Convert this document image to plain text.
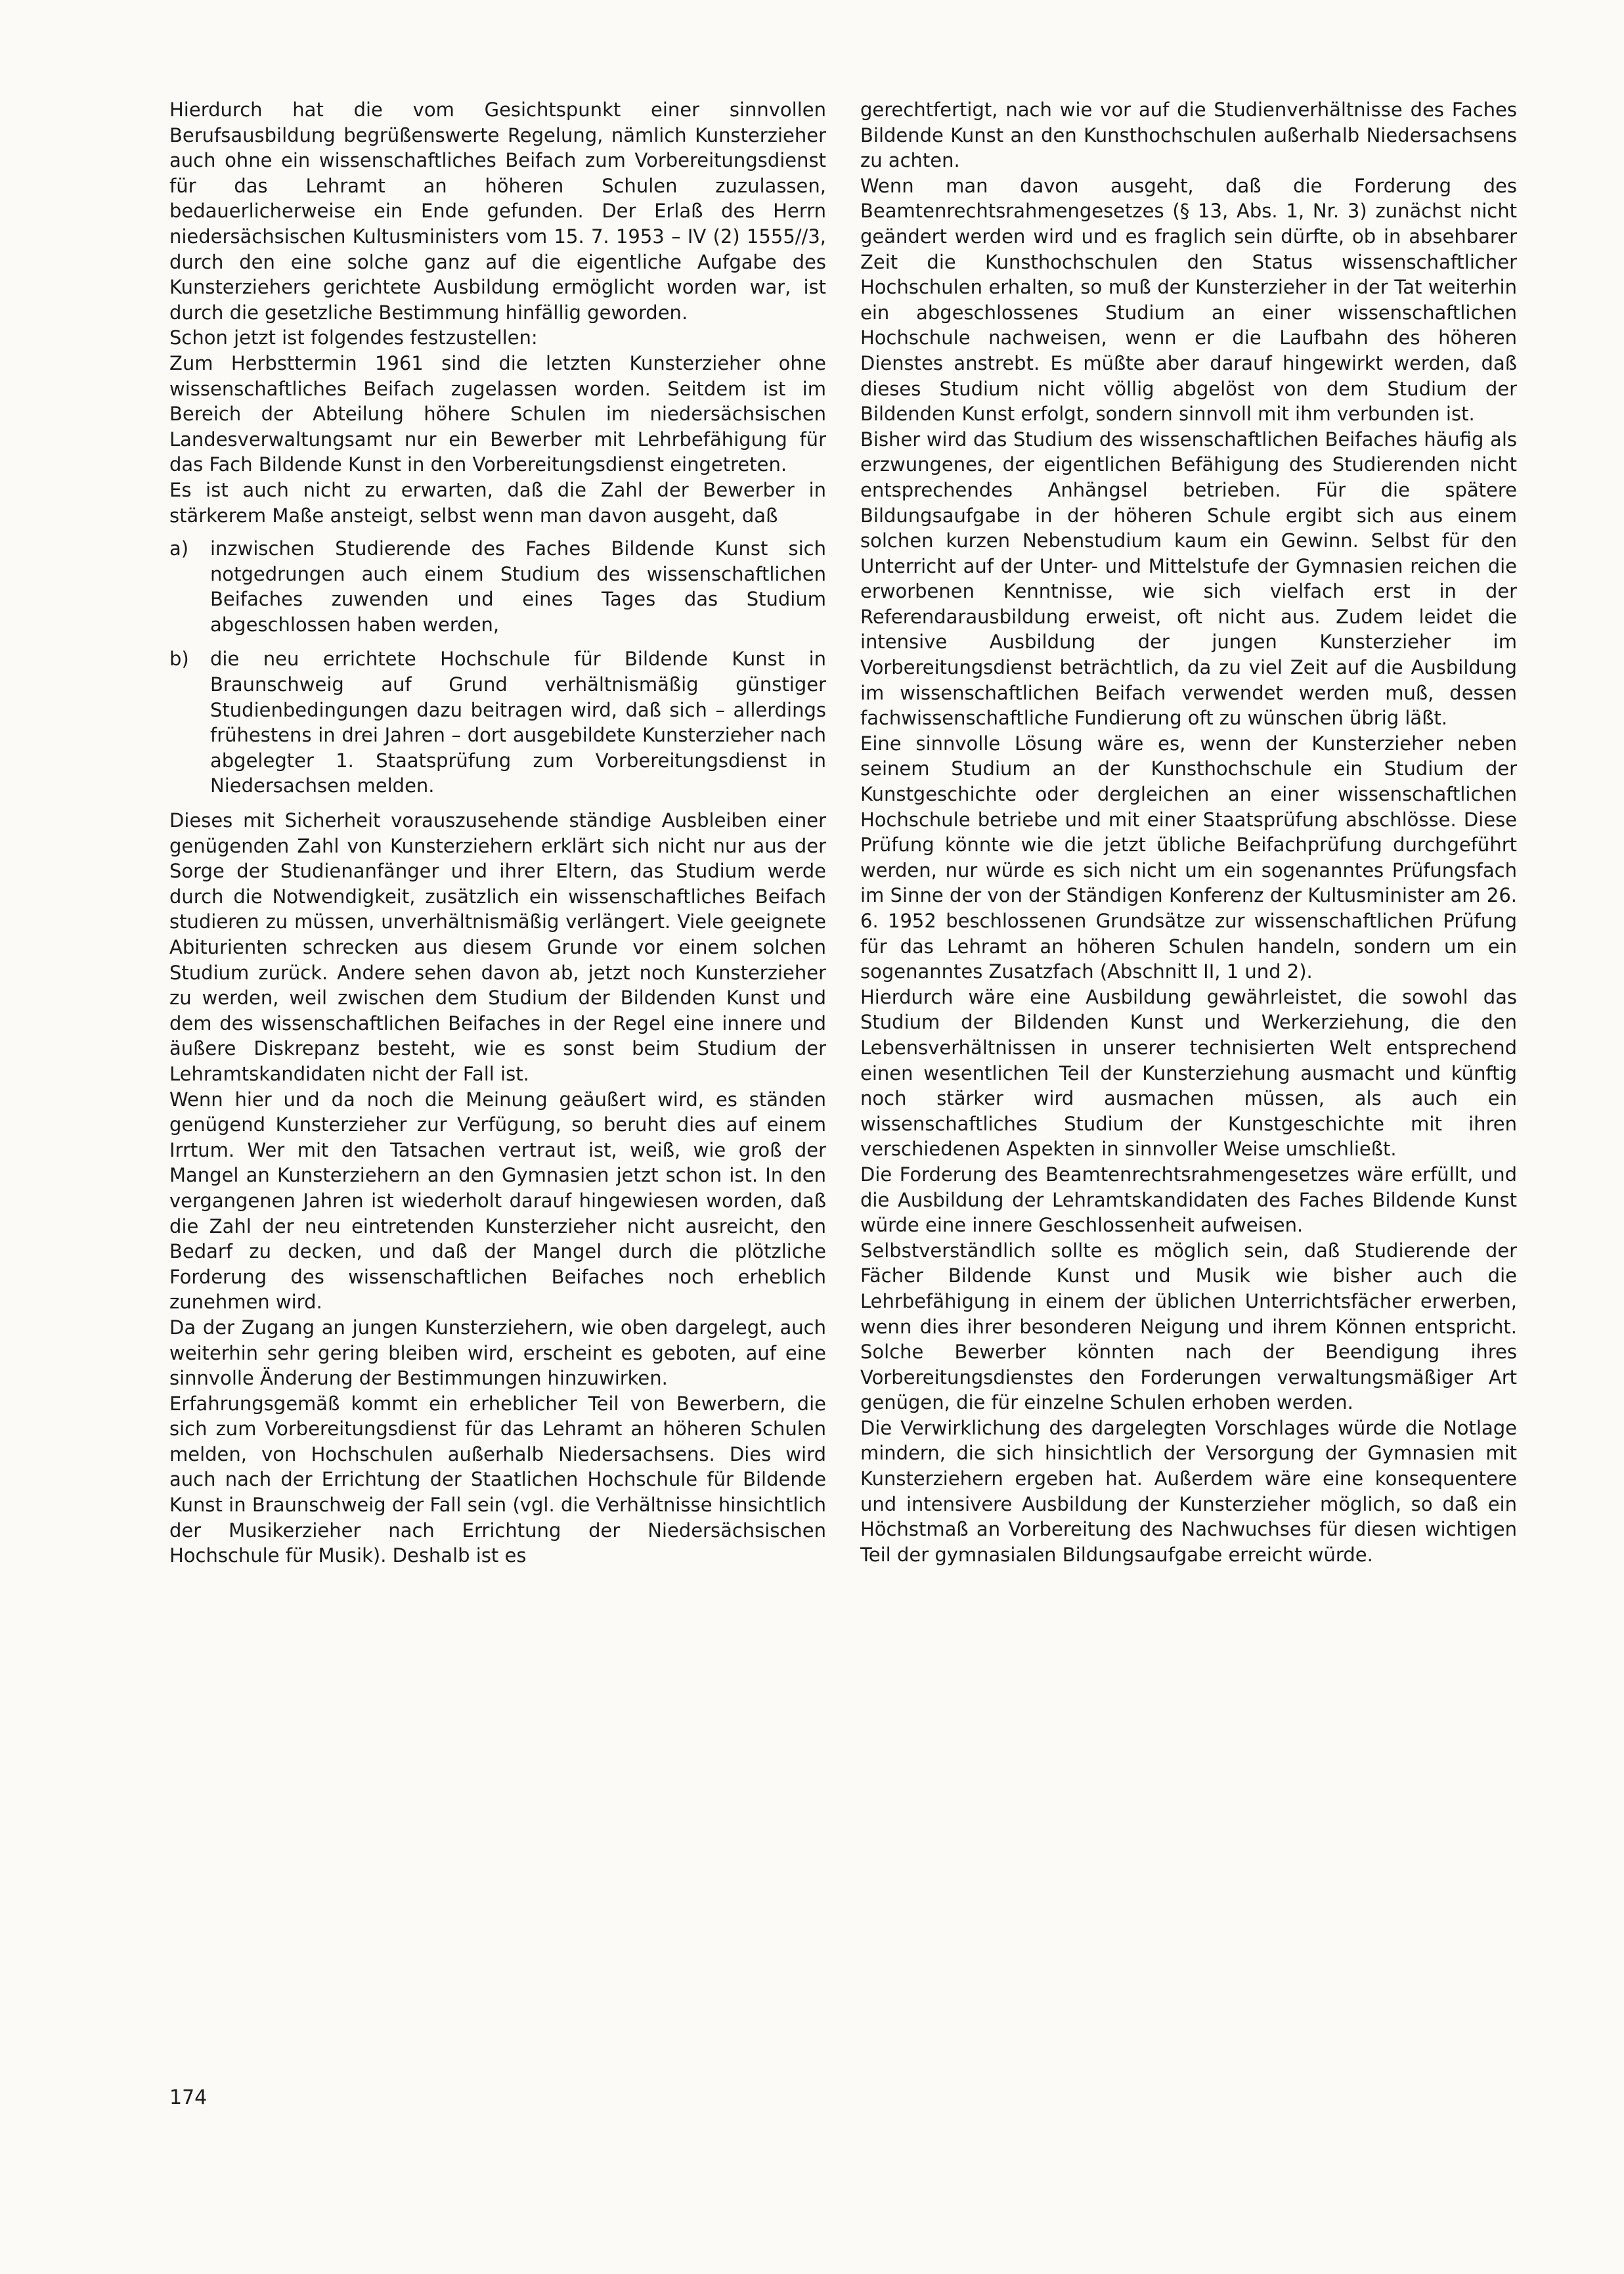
Hierdurch hat die vom Gesichtspunkt einer sinnvollen Berufsausbildung begrüßenswerte Regelung, nämlich Kunsterzieher auch ohne ein wissenschaftliches Beifach zum Vorbereitungsdienst für das Lehramt an höheren Schulen zuzulassen, bedauerlicherweise ein Ende gefunden. Der Erlaß des Herrn niedersächsischen Kultusministers vom 15. 7. 1953 – IV (2) 1555//3, durch den eine solche ganz auf die eigentliche Aufgabe des Kunsterziehers gerichtete Ausbildung ermöglicht worden war, ist durch die gesetzliche Bestimmung hinfällig geworden.

Schon jetzt ist folgendes festzustellen:

Zum Herbsttermin 1961 sind die letzten Kunsterzieher ohne wissenschaftliches Beifach zugelassen worden. Seitdem ist im Bereich der Abteilung höhere Schulen im niedersächsischen Landesverwaltungsamt nur ein Bewerber mit Lehrbefähigung für das Fach Bildende Kunst in den Vorbereitungsdienst eingetreten.

Es ist auch nicht zu erwarten, daß die Zahl der Bewerber in stärkerem Maße ansteigt, selbst wenn man davon ausgeht, daß

a)	inzwischen Studierende des Faches Bildende Kunst sich notgedrungen auch einem Studium des wissenschaftlichen Beifaches zuwenden und eines Tages das Studium abgeschlossen haben werden,
b)	die neu errichtete Hochschule für Bildende Kunst in Braunschweig auf Grund verhältnismäßig günstiger Studienbedingungen dazu beitragen wird, daß sich – allerdings frühestens in drei Jahren – dort ausgebildete Kunsterzieher nach abgelegter 1. Staatsprüfung zum Vorbereitungsdienst in Niedersachsen melden.

Dieses mit Sicherheit vorauszusehende ständige Ausbleiben einer genügenden Zahl von Kunsterziehern erklärt sich nicht nur aus der Sorge der Studienanfänger und ihrer Eltern, das Studium werde durch die Notwendigkeit, zusätzlich ein wissenschaftliches Beifach studieren zu müssen, unverhältnismäßig verlängert. Viele geeignete Abiturienten schrecken aus diesem Grunde vor einem solchen Studium zurück. Andere sehen davon ab, jetzt noch Kunsterzieher zu werden, weil zwischen dem Studium der Bildenden Kunst und dem des wissenschaftlichen Beifaches in der Regel eine innere und äußere Diskrepanz besteht, wie es sonst beim Studium der Lehramtskandidaten nicht der Fall ist.

Wenn hier und da noch die Meinung geäußert wird, es ständen genügend Kunsterzieher zur Verfügung, so beruht dies auf einem Irrtum. Wer mit den Tatsachen vertraut ist, weiß, wie groß der Mangel an Kunsterziehern an den Gymnasien jetzt schon ist. In den vergangenen Jahren ist wiederholt darauf hingewiesen worden, daß die Zahl der neu eintretenden Kunsterzieher nicht ausreicht, den Bedarf zu decken, und daß der Mangel durch die plötzliche Forderung des wissenschaftlichen Beifaches noch erheblich zunehmen wird.

Da der Zugang an jungen Kunsterziehern, wie oben dargelegt, auch weiterhin sehr gering bleiben wird, erscheint es geboten, auf eine sinnvolle Änderung der Bestimmungen hinzuwirken.

Erfahrungsgemäß kommt ein erheblicher Teil von Bewerbern, die sich zum Vorbereitungsdienst für das Lehramt an höheren Schulen melden, von Hochschulen außerhalb Niedersachsens. Dies wird auch nach der Errichtung der Staatlichen Hochschule für Bildende Kunst in Braunschweig der Fall sein (vgl. die Verhältnisse hinsichtlich der Musikerzieher nach Errichtung der Niedersächsischen Hochschule für Musik). Deshalb ist es

gerechtfertigt, nach wie vor auf die Studienverhältnisse des Faches Bildende Kunst an den Kunsthochschulen außerhalb Niedersachsens zu achten.

Wenn man davon ausgeht, daß die Forderung des Beamtenrechtsrahmengesetzes (§ 13, Abs. 1, Nr. 3) zunächst nicht geändert werden wird und es fraglich sein dürfte, ob in absehbarer Zeit die Kunsthochschulen den Status wissenschaftlicher Hochschulen erhalten, so muß der Kunsterzieher in der Tat weiterhin ein abgeschlossenes Studium an einer wissenschaftlichen Hochschule nachweisen, wenn er die Laufbahn des höheren Dienstes anstrebt. Es müßte aber darauf hingewirkt werden, daß dieses Studium nicht völlig abgelöst von dem Studium der Bildenden Kunst erfolgt, sondern sinnvoll mit ihm verbunden ist.

Bisher wird das Studium des wissenschaftlichen Beifaches häufig als erzwungenes, der eigentlichen Befähigung des Studierenden nicht entsprechendes Anhängsel betrieben. Für die spätere Bildungsaufgabe in der höheren Schule ergibt sich aus einem solchen kurzen Nebenstudium kaum ein Gewinn. Selbst für den Unterricht auf der Unter- und Mittelstufe der Gymnasien reichen die erworbenen Kenntnisse, wie sich vielfach erst in der Referendarausbildung erweist, oft nicht aus. Zudem leidet die intensive Ausbildung der jungen Kunsterzieher im Vorbereitungsdienst beträchtlich, da zu viel Zeit auf die Ausbildung im wissenschaftlichen Beifach verwendet werden muß, dessen fachwissenschaftliche Fundierung oft zu wünschen übrig läßt.

Eine sinnvolle Lösung wäre es, wenn der Kunsterzieher neben seinem Studium an der Kunsthochschule ein Studium der Kunstgeschichte oder dergleichen an einer wissenschaftlichen Hochschule betriebe und mit einer Staatsprüfung abschlösse. Diese Prüfung könnte wie die jetzt übliche Beifachprüfung durchgeführt werden, nur würde es sich nicht um ein sogenanntes Prüfungsfach im Sinne der von der Ständigen Konferenz der Kultusminister am 26. 6. 1952 beschlossenen Grundsätze zur wissenschaftlichen Prüfung für das Lehramt an höheren Schulen handeln, sondern um ein sogenanntes Zusatzfach (Abschnitt II, 1 und 2).

Hierdurch wäre eine Ausbildung gewährleistet, die sowohl das Studium der Bildenden Kunst und Werkerziehung, die den Lebensverhältnissen in unserer technisierten Welt entsprechend einen wesentlichen Teil der Kunsterziehung ausmacht und künftig noch stärker wird ausmachen müssen, als auch ein wissenschaftliches Studium der Kunstgeschichte mit ihren verschiedenen Aspekten in sinnvoller Weise umschließt.

Die Forderung des Beamtenrechtsrahmengesetzes wäre erfüllt, und die Ausbildung der Lehramtskandidaten des Faches Bildende Kunst würde eine innere Geschlossenheit aufweisen.

Selbstverständlich sollte es möglich sein, daß Studierende der Fächer Bildende Kunst und Musik wie bisher auch die Lehrbefähigung in einem der üblichen Unterrichtsfächer erwerben, wenn dies ihrer besonderen Neigung und ihrem Können entspricht. Solche Bewerber könnten nach der Beendigung ihres Vorbereitungsdienstes den Forderungen verwaltungsmäßiger Art genügen, die für einzelne Schulen erhoben werden.

Die Verwirklichung des dargelegten Vorschlages würde die Notlage mindern, die sich hinsichtlich der Versorgung der Gymnasien mit Kunsterziehern ergeben hat. Außerdem wäre eine konsequentere und intensivere Ausbildung der Kunsterzieher möglich, so daß ein Höchstmaß an Vorbereitung des Nachwuchses für diesen wichtigen Teil der gymnasialen Bildungsaufgabe erreicht würde.

174
